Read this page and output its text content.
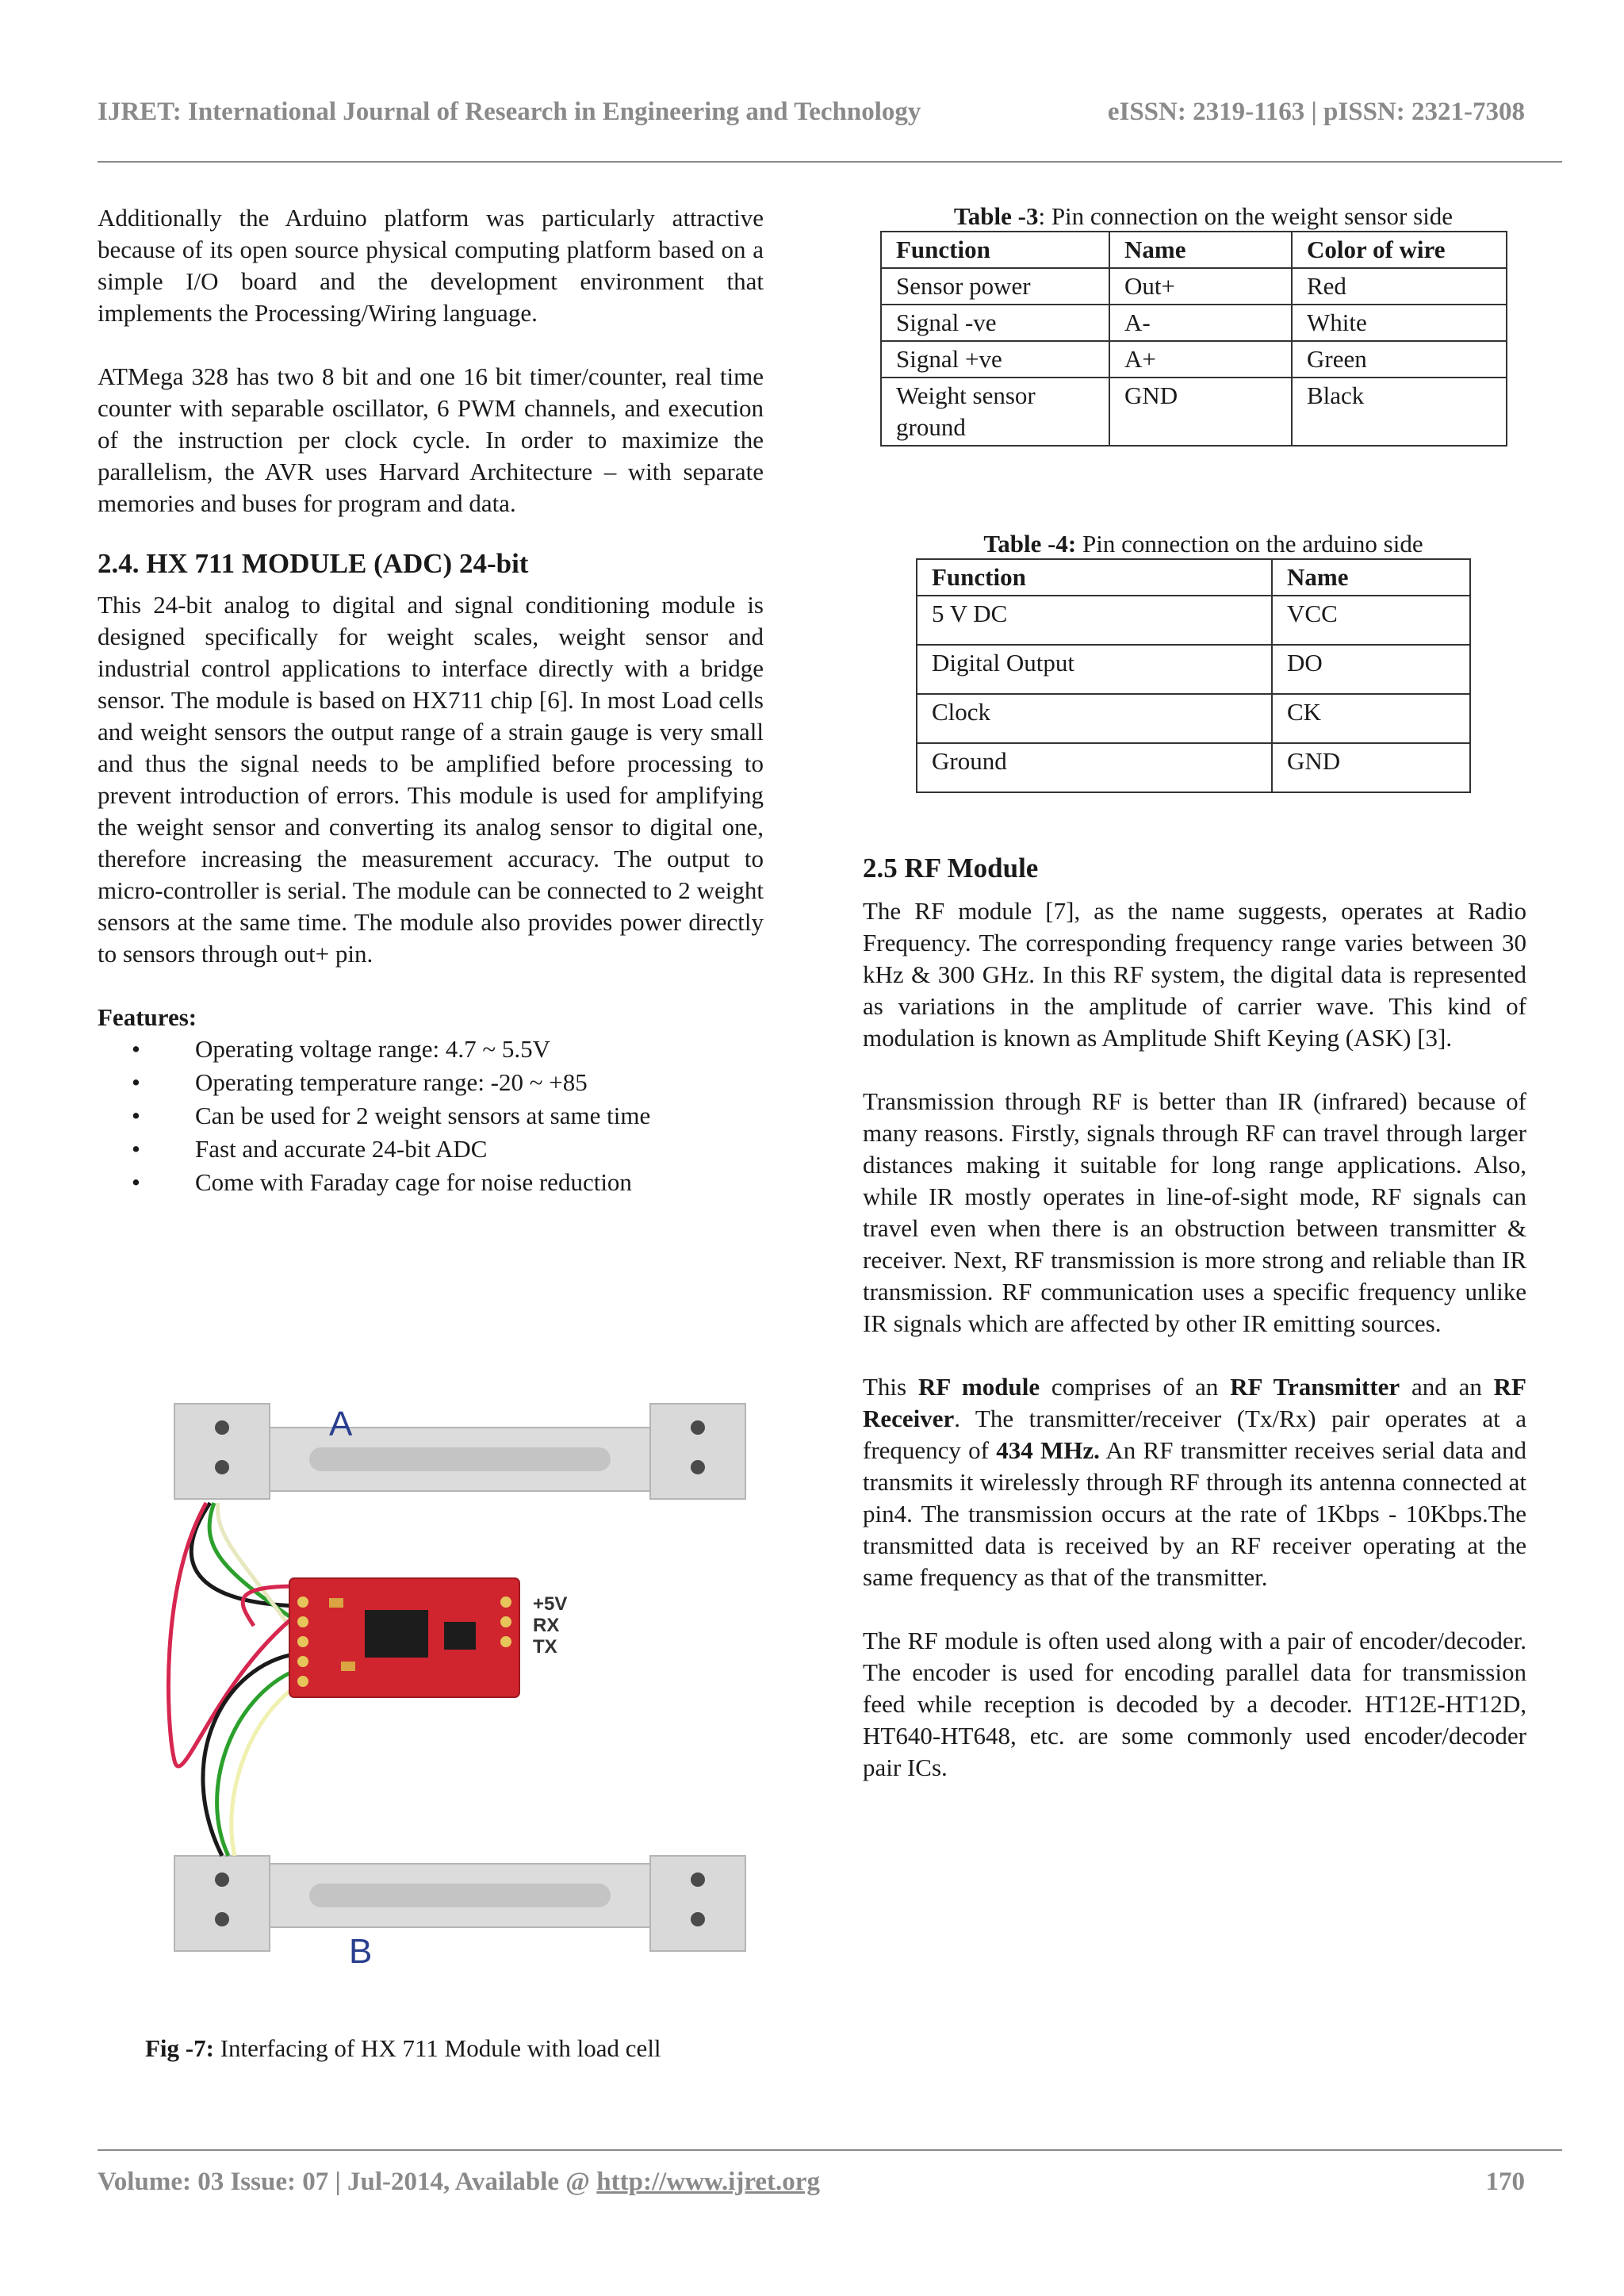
IJRET: International Journal of Research in Engineering and Technology	eISSN: 2319-1163 | pISSN: 2321-7308

Additionally the Arduino platform was particularly attractive because of its open source physical computing platform based on a simple I/O board and the development environment that implements the Processing/Wiring language.

ATMega 328 has two 8 bit and one 16 bit timer/counter, real time counter with separable oscillator, 6 PWM channels, and execution of the instruction per clock cycle. In order to maximize the parallelism, the AVR uses Harvard Architecture – with separate memories and buses for program and data.

2.4. HX 711 MODULE (ADC) 24-bit

This 24-bit analog to digital and signal conditioning module is designed specifically for weight scales, weight sensor and industrial control applications to interface directly with a bridge sensor. The module is based on HX711 chip [6]. In most Load cells and weight sensors the output range of a strain gauge is very small and thus the signal needs to be amplified before processing to prevent introduction of errors. This module is used for amplifying the weight sensor and converting its analog sensor to digital one, therefore increasing the measurement accuracy. The output to micro-controller is serial. The module can be connected to 2 weight sensors at the same time. The module also provides power directly to sensors through out+ pin.

Features:
• Operating voltage range: 4.7 ~ 5.5V
• Operating temperature range: -20 ~ +85
• Can be used for 2 weight sensors at same time
• Fast and accurate 24-bit ADC
• Come with Faraday cage for noise reduction
A
B
+5V
RX
TX
Fig -7: Interfacing of HX 711 Module with load cell
Table -3: Pin connection on the weight sensor side
Function	Name	Color of wire
Sensor power	Out+	Red
Signal -ve	A-	White
Signal +ve	A+	Green
Weight sensor ground	GND	Black
Table -4: Pin connection on the arduino side
Function	Name
5 V DC	VCC
Digital Output	DO
Clock	CK
Ground	GND
2.5 RF Module

The RF module [7], as the name suggests, operates at Radio Frequency. The corresponding frequency range varies between 30 kHz & 300 GHz. In this RF system, the digital data is represented as variations in the amplitude of carrier wave. This kind of modulation is known as Amplitude Shift Keying (ASK) [3].

Transmission through RF is better than IR (infrared) because of many reasons. Firstly, signals through RF can travel through larger distances making it suitable for long range applications. Also, while IR mostly operates in line-of-sight mode, RF signals can travel even when there is an obstruction between transmitter & receiver. Next, RF transmission is more strong and reliable than IR transmission. RF communication uses a specific frequency unlike IR signals which are affected by other IR emitting sources.

This RF module comprises of an RF Transmitter and an RF Receiver. The transmitter/receiver (Tx/Rx) pair operates at a frequency of 434 MHz. An RF transmitter receives serial data and transmits it wirelessly through RF through its antenna connected at pin4. The transmission occurs at the rate of 1Kbps - 10Kbps.The transmitted data is received by an RF receiver operating at the same frequency as that of the transmitter.

The RF module is often used along with a pair of encoder/decoder. The encoder is used for encoding parallel data for transmission feed while reception is decoded by a decoder. HT12E-HT12D, HT640-HT648, etc. are some commonly used encoder/decoder pair ICs.

Volume: 03 Issue: 07 | Jul-2014, Available @ http://www.ijret.org	170
